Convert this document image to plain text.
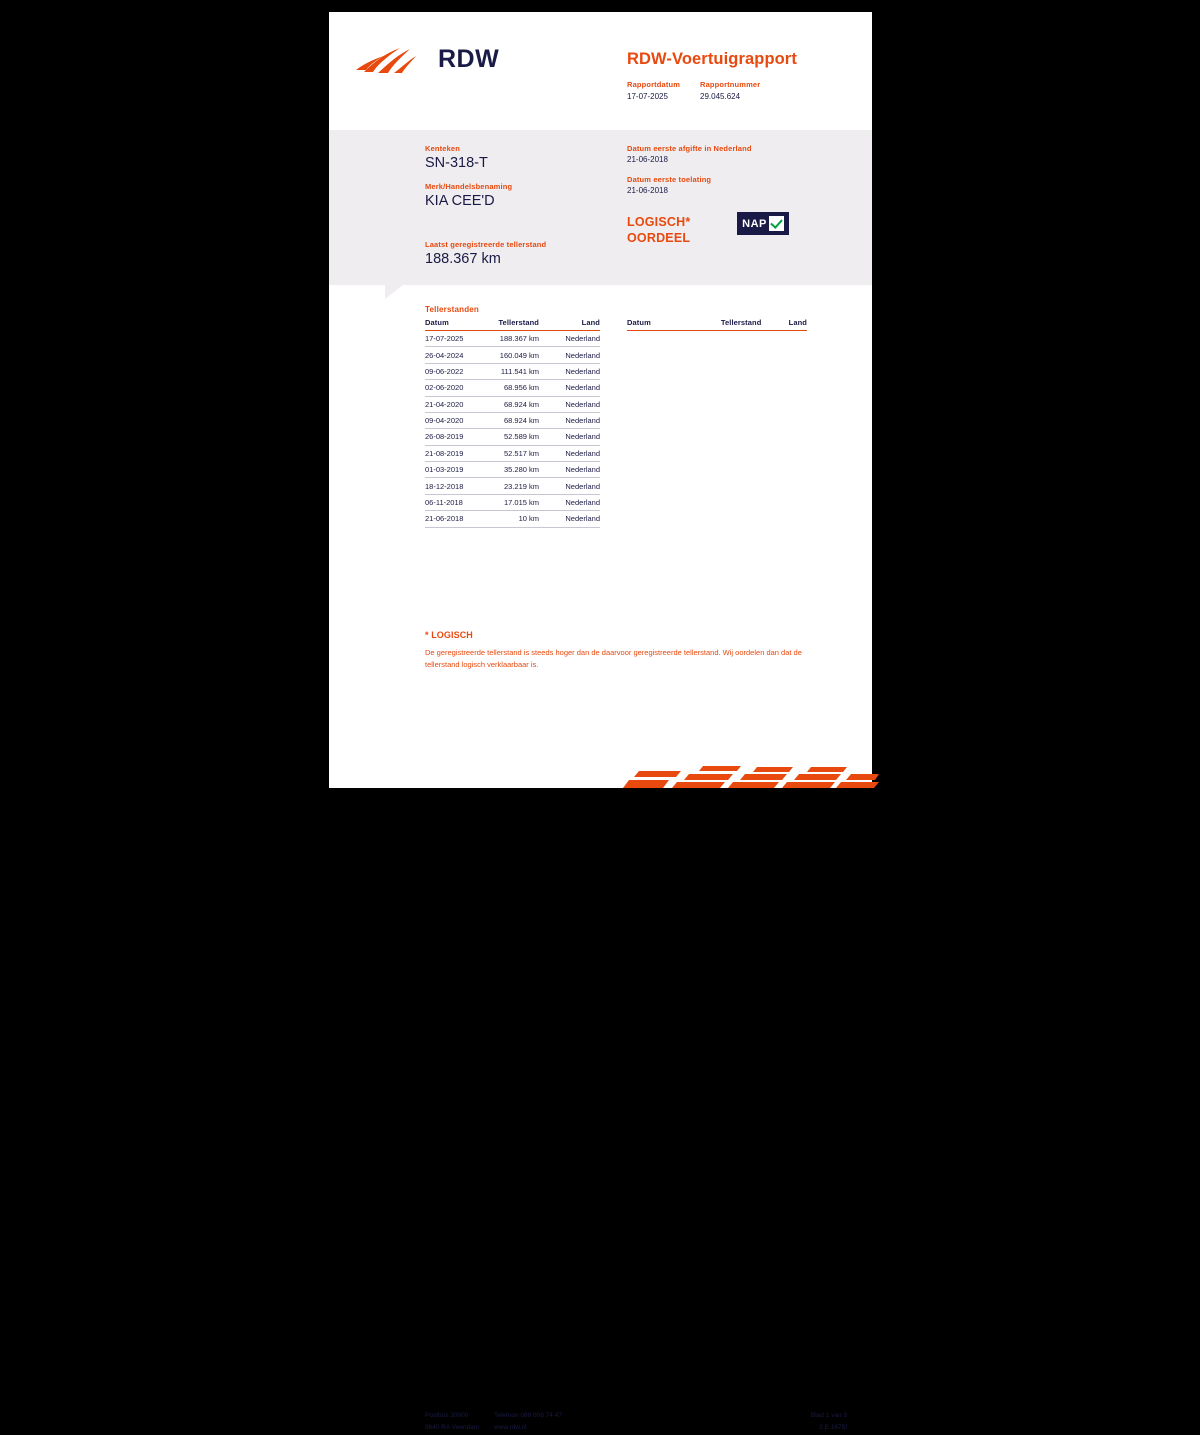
RDW	RDW-Voertuigrapport
Rapportdatum
17-07-2025
Rapportnummer
29.045.624
Kenteken
SN-318-T
Merk/Handelsbenaming
KIA CEE'D
Laatst geregistreerde tellerstand
188.367 km
Datum eerste afgifte in Nederland
21-06-2018
Datum eerste toelating
21-06-2018
LOGISCH*
OORDEEL
NAP
Tellerstanden
Datum	Tellerstand	Land
17-07-2025	188.367 km	Nederland
26-04-2024	160.049 km	Nederland
09-06-2022	111.541 km	Nederland
02-06-2020	68.956 km	Nederland
21-04-2020	68.924 km	Nederland
09-04-2020	68.924 km	Nederland
26-08-2019	52.589 km	Nederland
21-08-2019	52.517 km	Nederland
01-03-2019	35.280 km	Nederland
18-12-2018	23.219 km	Nederland
06-11-2018	17.015 km	Nederland
21-06-2018	10 km	Nederland
Datum	Tellerstand	Land
* LOGISCH
De geregistreerde tellerstand is steeds hoger dan de daarvoor geregistreerde tellerstand. Wij oordelen dan dat de tellerstand logisch verklaarbaar is.
Postbus 30000
9640 RA Veendam
Telefoon 088 008 74 47
www.rdw.nl
Blad 1 van 3
3 E 1675f
